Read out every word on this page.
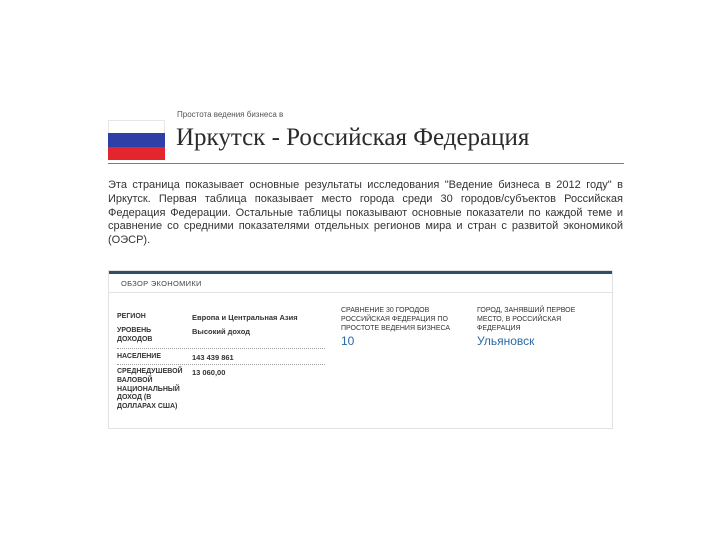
Простота ведения бизнеса в
Иркутск - Российская Федерация
Эта страница показывает основные результаты исследования "Ведение бизнеса в 2012 году" в Иркутск. Первая таблица показывает место города среди 30 городов/субъектов Российская Федерация Федерации. Остальные таблицы показывают основные показатели по каждой теме и сравнение со средними показателями отдельных регионов мира и стран с развитой экономикой (ОЭСР).
ОБЗОР ЭКОНОМИКИ
РЕГИОН	Европа и Центральная Азия
УРОВЕНЬ ДОХОДОВ
Высокий доход
НАСЕЛЕНИЕ	143 439 861
СРЕДНЕДУШЕВОЙ ВАЛОВОЙ НАЦИОНАЛЬНЫЙ ДОХОД (В ДОЛЛАРАХ США)
13 060,00
СРАВНЕНИЕ 30 ГОРОДОВ РОССИЙСКАЯ ФЕДЕРАЦИЯ ПО ПРОСТОТЕ ВЕДЕНИЯ БИЗНЕСА
10
ГОРОД, ЗАНЯВШИЙ ПЕРВОЕ МЕСТО, В РОССИЙСКАЯ ФЕДЕРАЦИЯ
Ульяновск
